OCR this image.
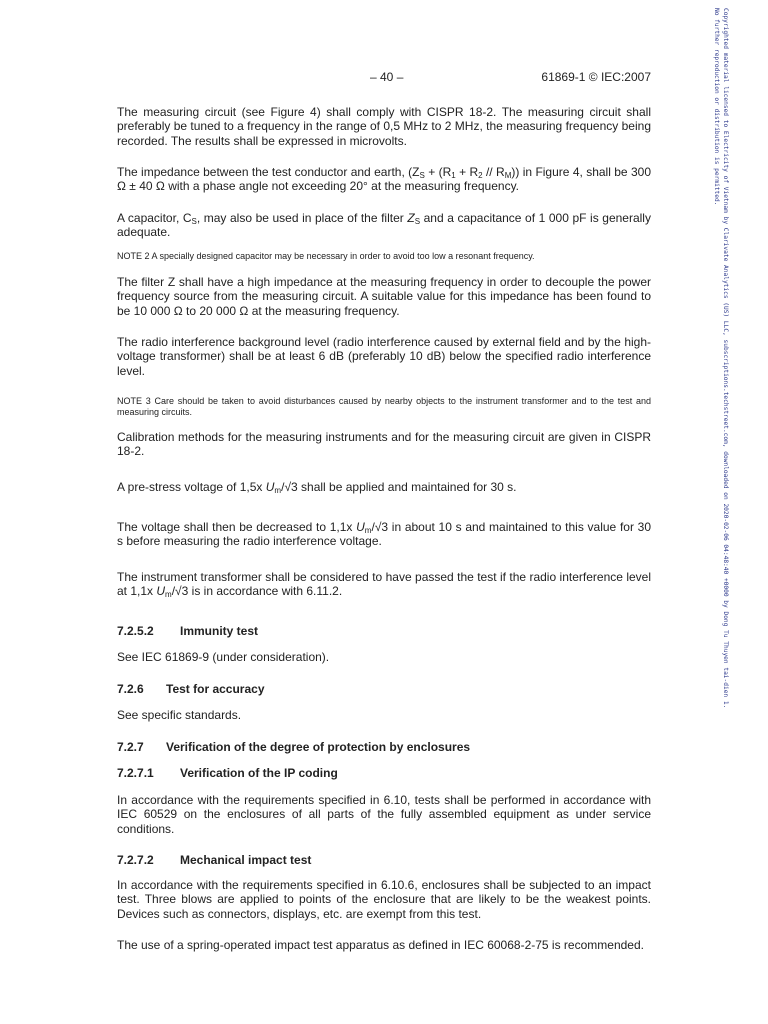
– 40 –	61869-1 © IEC:2007	Copyrighted material licensed to Electricity of Vietnam by Clarivate Analytics (US) LLC, subscriptions.techstreet.com, downloaded on 2020-02-06 04:48:40 +0000 by Dong Tu Thuyen tai-dien 1.
No further reproduction or distribution is permitted.

The measuring circuit (see Figure 4) shall comply with CISPR 18-2. The measuring circuit shall preferably be tuned to a frequency in the range of 0,5 MHz to 2 MHz, the measuring frequency being recorded. The results shall be expressed in microvolts.

The impedance between the test conductor and earth, $(Z_S + (R_1 + R_2 // R_M))$ in Figure 4, shall be 300 Ω ± 40 Ω with a phase angle not exceeding 20° at the measuring frequency.

A capacitor, $C_S$, may also be used in place of the filter $Z_S$ and a capacitance of 1 000 pF is generally adequate.

NOTE 2 A specially designed capacitor may be necessary in order to avoid too low a resonant frequency.

The filter Z shall have a high impedance at the measuring frequency in order to decouple the power frequency source from the measuring circuit. A suitable value for this impedance has been found to be 10 000 Ω to 20 000 Ω at the measuring frequency.

The radio interference background level (radio interference caused by external field and by the high-voltage transformer) shall be at least 6 dB (preferably 10 dB) below the specified radio interference level.

NOTE 3 Care should be taken to avoid disturbances caused by nearby objects to the instrument transformer and to the test and measuring circuits.

Calibration methods for the measuring instruments and for the measuring circuit are given in CISPR 18-2.

A pre-stress voltage of 1,5x $U_m/√3$ shall be applied and maintained for 30 s.

The voltage shall then be decreased to 1,1x $U_m/√3$ in about 10 s and maintained to this value for 30 s before measuring the radio interference voltage.

The instrument transformer shall be considered to have passed the test if the radio interference level at 1,1x $U_m/√3$ is in accordance with 6.11.2.

7.2.5.2 Immunity test

See IEC 61869-9 (under consideration).

7.2.6 Test for accuracy

See specific standards.

7.2.7 Verification of the degree of protection by enclosures
7.2.7.1 Verification of the IP coding

In accordance with the requirements specified in 6.10, tests shall be performed in accordance with IEC 60529 on the enclosures of all parts of the fully assembled equipment as under service conditions.

7.2.7.2 Mechanical impact test

In accordance with the requirements specified in 6.10.6, enclosures shall be subjected to an impact test. Three blows are applied to points of the enclosure that are likely to be the weakest points. Devices such as connectors, displays, etc. are exempt from this test.

The use of a spring-operated impact test apparatus as defined in IEC 60068-2-75 is recommended.
